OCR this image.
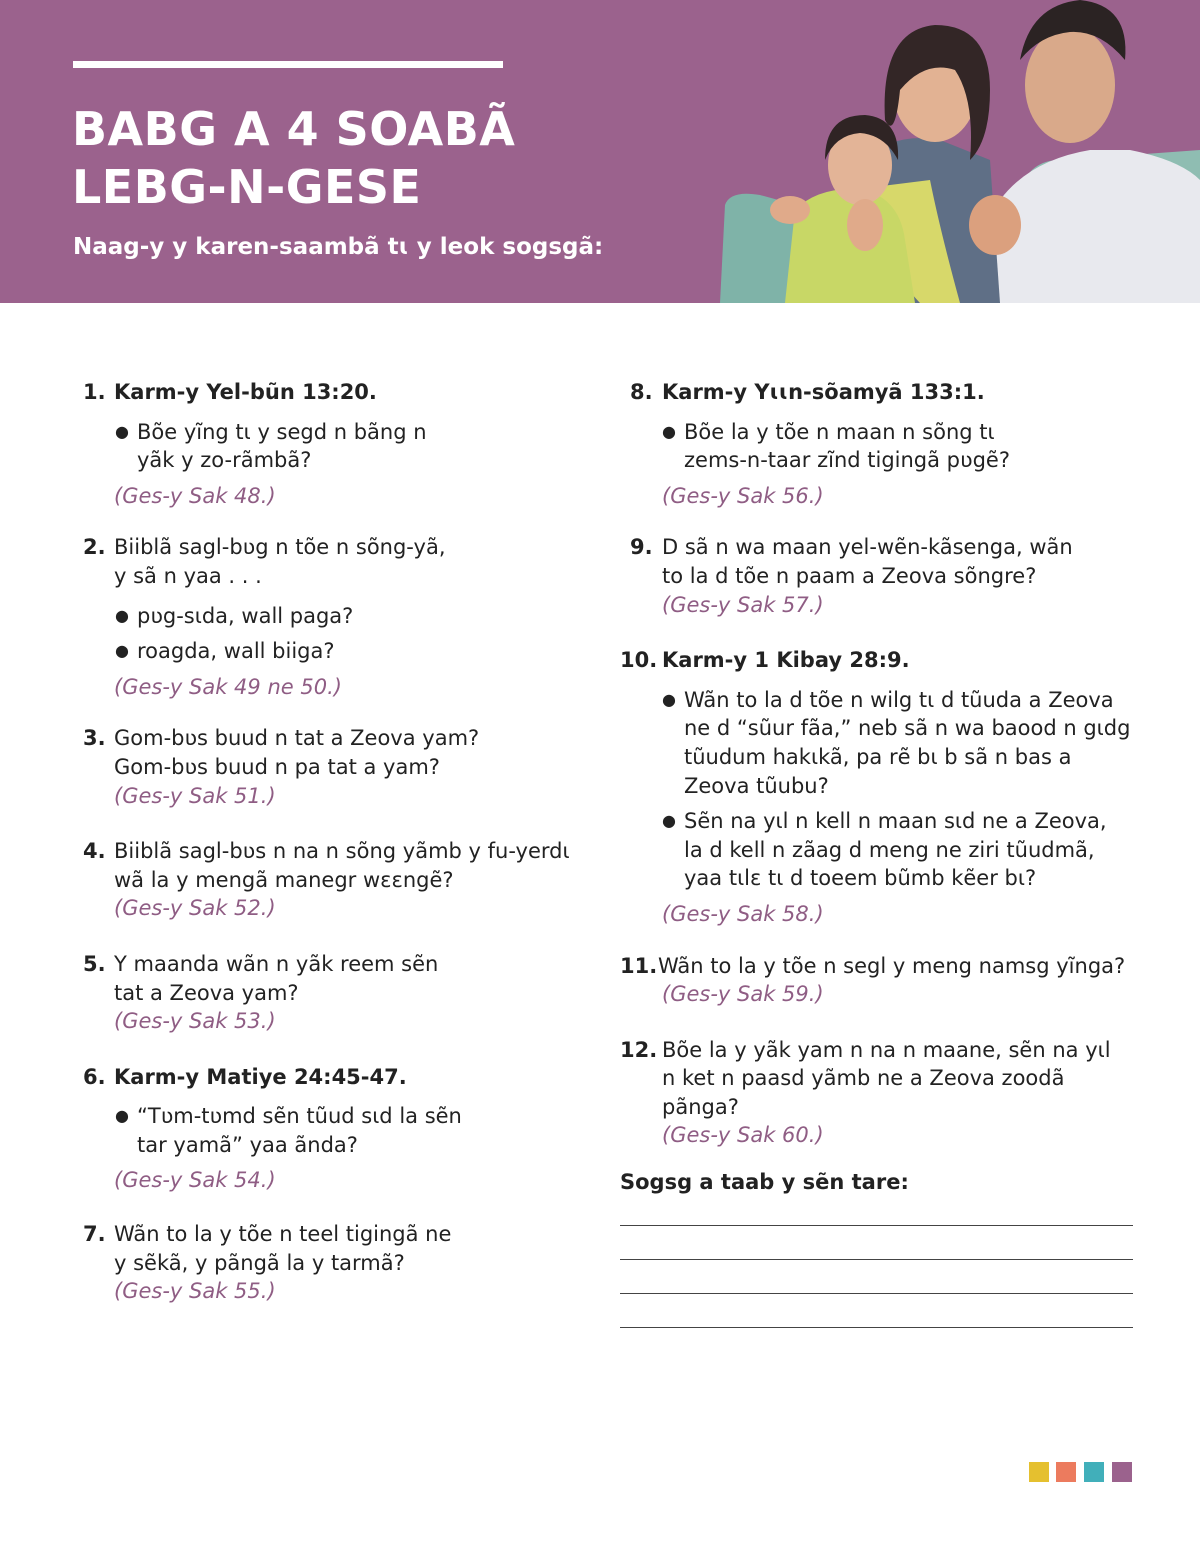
BABG A 4 SOABÃ LEBG-N-GESE

Naag-y y karen-saambã tɩ y leok sogsgã:

1. Karm-y Yel-bũn 13:20.
● Bõe yĩng tɩ y segd n bãng n yãk y zo-rãmbã?
(Ges-y Sak 48.)
2. Biiblã sagl-bʋg n tõe n sõng-yã, y sã n yaa . . .
● pʋg-sɩda, wall paga?
● roagda, wall biiga?
(Ges-y Sak 49 ne 50.)
3. Gom-bʋs buud n tat a Zeova yam? Gom-bʋs buud n pa tat a yam?
(Ges-y Sak 51.)
4. Biiblã sagl-bʋs n na n sõng yãmb y fu-yerdɩ wã la y mengã manegr wɛɛngẽ?
(Ges-y Sak 52.)
5. Y maanda wãn n yãk reem sẽn tat a Zeova yam?
(Ges-y Sak 53.)
6. Karm-y Matiye 24:45-47.
● “Tʋm-tʋmd sẽn tũud sɩd la sẽn tar yamã” yaa ãnda?
(Ges-y Sak 54.)
7. Wãn to la y tõe n teel tigingã ne y sẽkã, y pãngã la y tarmã?
(Ges-y Sak 55.)
8. Karm-y Yɩɩn-sõamyã 133:1.
● Bõe la y tõe n maan n sõng tɩ zems-n-taar zĩnd tigingã pʋgẽ?
(Ges-y Sak 56.)
9. D sã n wa maan yel-wẽn-kãsenga, wãn to la d tõe n paam a Zeova sõngre?
(Ges-y Sak 57.)
10. Karm-y 1 Kibay 28:9.
● Wãn to la d tõe n wilg tɩ d tũuda a Zeova ne d “sũur fãa,” neb sã n wa baood n gɩdg tũudum hakɩkã, pa rẽ bɩ b sã n bas a Zeova tũubu?
● Sẽn na yɩl n kell n maan sɩd ne a Zeova, la d kell n zãag d meng ne ziri tũudmã, yaa tɩlɛ tɩ d toeem bũmb kẽer bɩ?
(Ges-y Sak 58.)
11. Wãn to la y tõe n segl y meng namsg yĩnga?
(Ges-y Sak 59.)
12. Bõe la y yãk yam n na n maane, sẽn na yɩl n ket n paasd yãmb ne a Zeova zoodã pãnga?
(Ges-y Sak 60.)

Sogsg a taab y sẽn tare:
